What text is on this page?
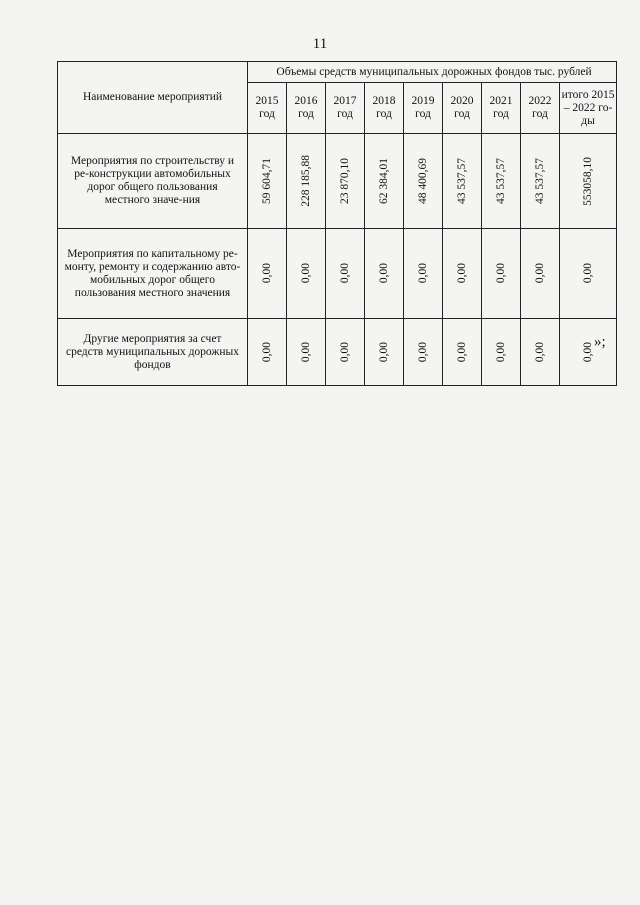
11
Наименование мероприятий	Объемы средств муниципальных дорожных фондов тыс. рублей								
	2015 год	2016 год	2017 год	2018 год	2019 год	2020 год	2021 год	2022 год	итого 2015 – 2022 го-ды
Мероприятия по строительству и ре-конструкции автомобильных дорог общего пользования местного значе-ния	59 604,71	228 185,88	23 870,10	62 384,01	48 400,69	43 537,57	43 537,57	43 537,57	553058,10

Мероприятия по капитальному ре-монту, ремонту и содержанию авто-мобильных дорог общего пользования местного значения	0,00	0,00	0,00	0,00	0,00	0,00	0,00	0,00	0,00

Другие мероприятия за счет средств муниципальных дорожных фондов	0,00	0,00	0,00	0,00	0,00	0,00	0,00	0,00	0,00 »;
